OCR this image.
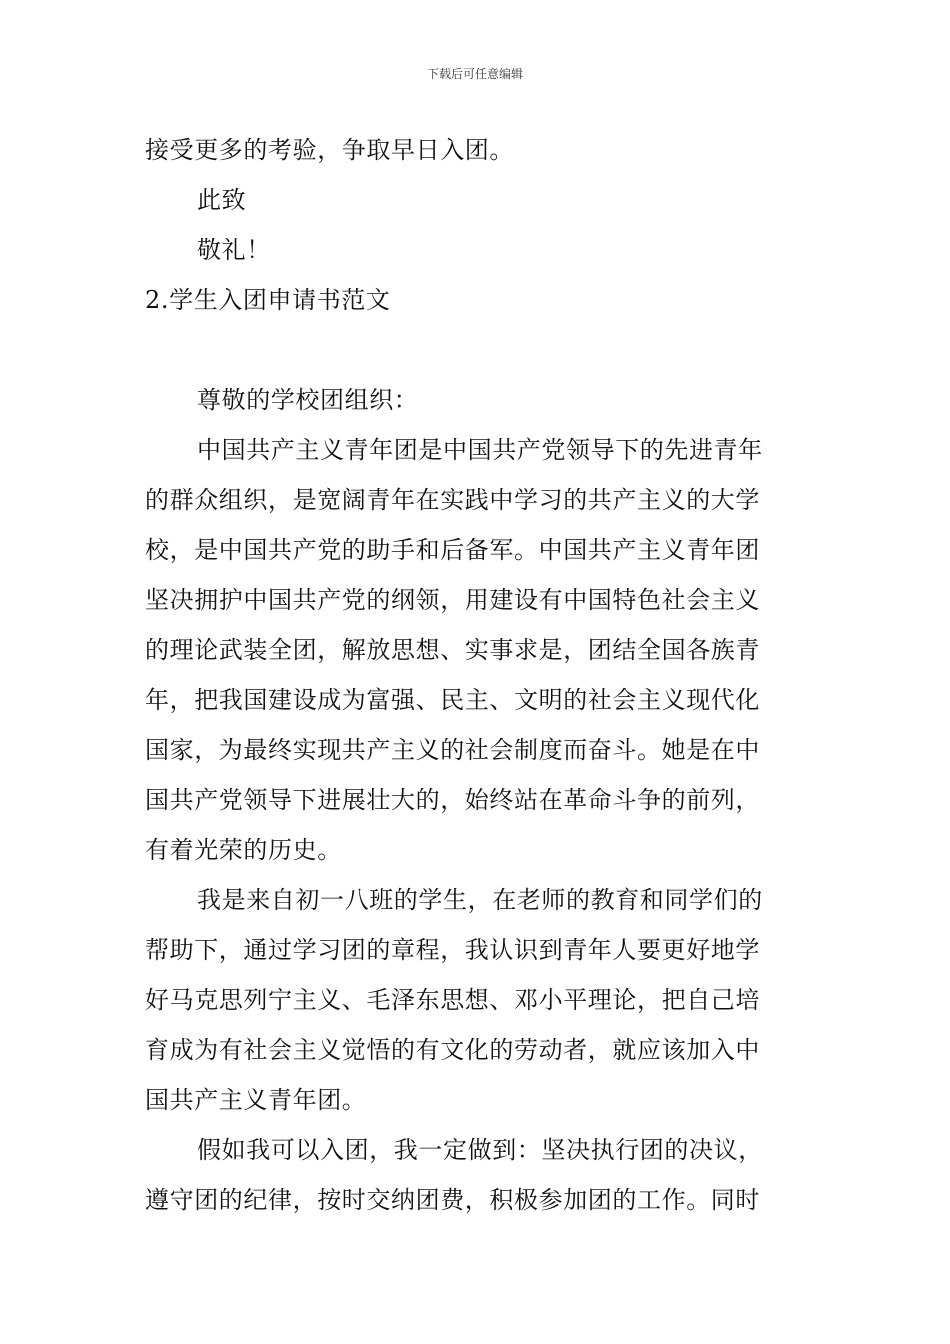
下载后可任意编辑

接受更多的考验，争取早日入团。

此致

敬礼！

2.学生入团申请书范文

尊敬的学校团组织：

中国共产主义青年团是中国共产党领导下的先进青年

的群众组织，是宽阔青年在实践中学习的共产主义的大学

校，是中国共产党的助手和后备军。中国共产主义青年团

坚决拥护中国共产党的纲领，用建设有中国特色社会主义

的理论武装全团，解放思想、实事求是，团结全国各族青

年，把我国建设成为富强、民主、文明的社会主义现代化

国家，为最终实现共产主义的社会制度而奋斗。她是在中

国共产党领导下进展壮大的，始终站在革命斗争的前列，

有着光荣的历史。

我是来自初一八班的学生，在老师的教育和同学们的

帮助下，通过学习团的章程，我认识到青年人要更好地学

好马克思列宁主义、毛泽东思想、邓小平理论，把自己培

育成为有社会主义觉悟的有文化的劳动者，就应该加入中

国共产主义青年团。

假如我可以入团，我一定做到：坚决执行团的决议，

遵守团的纪律，按时交纳团费，积极参加团的工作。同时
